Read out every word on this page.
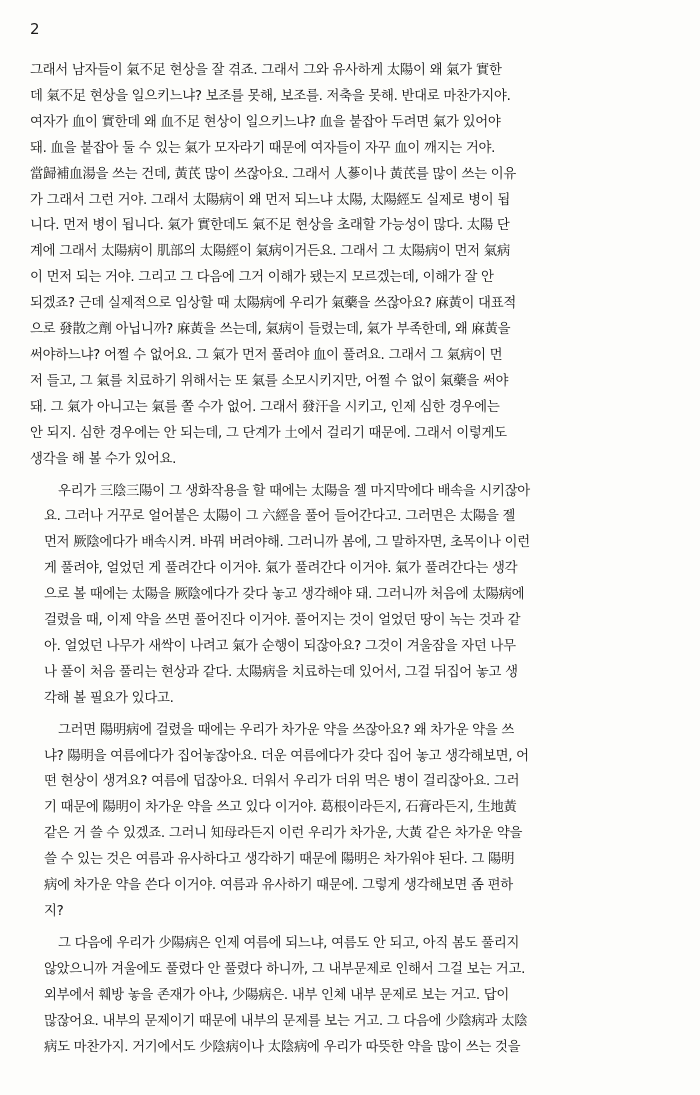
2

그래서 남자들이 氣不足 현상을 잘 겪죠. 그래서 그와 유사하게 太陽이 왜 氣가 實한
데 氣不足 현상을 일으키느냐? 보조를 못해, 보조를. 저축을 못해. 반대로 마찬가지야.
여자가 血이 實한데 왜 血不足 현상이 일으키느냐? 血을 붙잡아 두려면 氣가 있어야
돼. 血을 붙잡아 둘 수 있는 氣가 모자라기 때문에 여자들이 자꾸 血이 깨지는 거야.
當歸補血湯을 쓰는 건데, 黃芪 많이 쓰잖아요. 그래서 人蔘이나 黃芪를 많이 쓰는 이유
가 그래서 그런 거야. 그래서 太陽病이 왜 먼저 되느냐 太陽, 太陽經도 실제로 병이 됩
니다. 먼저 병이 됩니다. 氣가 實한데도 氣不足 현상을 초래할 가능성이 많다. 太陽 단
계에 그래서 太陽病이 肌部의 太陽經이 氣病이거든요. 그래서 그 太陽病이 먼저 氣病
이 먼저 되는 거야. 그리고 그 다음에 그거 이해가 됐는지 모르겠는데, 이해가 잘 안
되겠죠? 근데 실제적으로 임상할 때 太陽病에 우리가 氣藥을 쓰잖아요? 麻黃이 대표적
으로 發散之劑 아닙니까? 麻黃을 쓰는데, 氣病이 들렸는데, 氣가 부족한데, 왜 麻黃을
써야하느냐? 어쩔 수 없어요. 그 氣가 먼저 풀려야 血이 풀려요. 그래서 그 氣病이 먼
저 들고, 그 氣를 치료하기 위해서는 또 氣를 소모시키지만, 어쩔 수 없이 氣藥을 써야
돼. 그 氣가 아니고는 氣를 쫄 수가 없어. 그래서 發汗을 시키고, 인제 심한 경우에는
안 되지. 심한 경우에는 안 되는데, 그 단계가 土에서 걸리기 때문에. 그래서 이렇게도
생각을 해 볼 수가 있어요.

우리가 三陰三陽이 그 생화작용을 할 때에는 太陽을 젤 마지막에다 배속을 시키잖아
요. 그러나 거꾸로 얼어붙은 太陽이 그 六經을 풀어 들어간다고. 그러면은 太陽을 젤
먼저 厥陰에다가 배속시켜. 바꿔 버려야해. 그러니까 봄에, 그 말하자면, 초목이나 이런
게 풀려야, 얼었던 게 풀려간다 이거야. 氣가 풀려간다 이거야. 氣가 풀려간다는 생각
으로 볼 때에는 太陽을 厥陰에다가 갖다 놓고 생각해야 돼. 그러니까 처음에 太陽病에
걸렸을 때, 이제 약을 쓰면 풀어진다 이거야. 풀어지는 것이 얼었던 땅이 녹는 것과 같
아. 얼었던 나무가 새싹이 나려고 氣가 순행이 되잖아요? 그것이 겨울잠을 자던 나무
나 풀이 처음 풀리는 현상과 같다. 太陽病을 치료하는데 있어서, 그걸 뒤집어 놓고 생
각해 볼 필요가 있다고.

그러면 陽明病에 걸렸을 때에는 우리가 차가운 약을 쓰잖아요? 왜 차가운 약을 쓰
냐? 陽明을 여름에다가 집어놓잖아요. 더운 여름에다가 갖다 집어 놓고 생각해보면, 어
떤 현상이 생겨요? 여름에 덥잖아요. 더워서 우리가 더위 먹은 병이 걸리잖아요. 그러
기 때문에 陽明이 차가운 약을 쓰고 있다 이거야. 葛根이라든지, 石膏라든지, 生地黃
같은 거 쓸 수 있겠죠. 그러니 知母라든지 이런 우리가 차가운, 大黃 같은 차가운 약을
쓸 수 있는 것은 여름과 유사하다고 생각하기 때문에 陽明은 차가워야 된다. 그 陽明
病에 차가운 약을 쓴다 이거야. 여름과 유사하기 때문에. 그렇게 생각해보면 좀 편하
지?

그 다음에 우리가 少陽病은 인제 여름에 되느냐, 여름도 안 되고, 아직 봄도 풀리지
않았으니까 겨울에도 풀렸다 안 풀렸다 하니까, 그 내부문제로 인해서 그걸 보는 거고.
외부에서 훼방 놓을 존재가 아냐, 少陽病은. 내부 인체 내부 문제로 보는 거고. 답이
많잖어요. 내부의 문제이기 때문에 내부의 문제를 보는 거고. 그 다음에 少陰病과 太陰
病도 마찬가지. 거기에서도 少陰病이나 太陰病에 우리가 따뜻한 약을 많이 쓰는 것을
